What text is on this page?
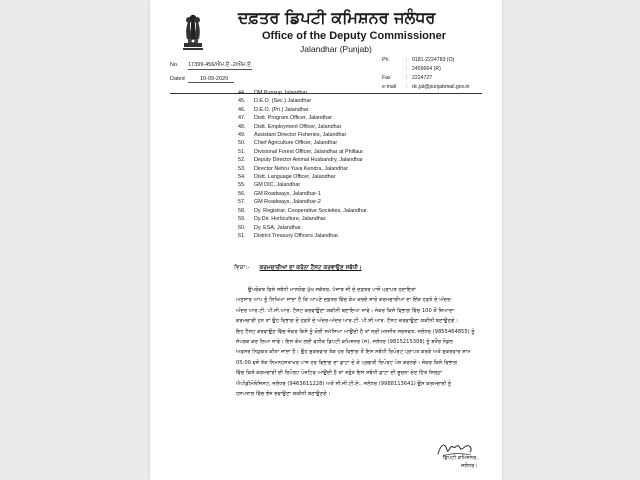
ਦਫ਼ਤਰ ਡਿਪਟੀ ਕਮਿਸ਼ਨਰ ਜਲੰਧਰ
Office of the Deputy Commissioner
Jalandhar (Punjab)
No. 17399-456/ਐਮ.ਏ.-2/ਐਮ.ਏ.
Dated	10-09-2020
Ph.	: 0181-2224783 (O)
: 2459664 (R)
Fax	: 2224727
e-mail	: dc.jal@punjabmail.gov.in
44.	DM Punsup Jalandhar
45.	D.E.O. (Sec.) Jalandhar
46.	D.E.O. (Pri.) Jalandhar
47.	Distt. Program Officer, Jalandhar
48.	Distt. Employment Officer, Jalandhar
49.	Assistant Director Fisheries, Jalandhar
50.	Chief Agriculture Officer, Jalandhar
51.	Divisional Forest Officer, Jalandhar at Phillaur.
52.	Deputy Director Animal Husbandry, Jalandhar
53.	Director Nehru Yuva Kendra, Jalandhar
54.	Distt. Language Officer, Jalandhar
55.	GM DIC, Jalandhar
56.	GM Roadways, Jalandhar-1
57.	GM Roadways, Jalandhar-2
58.	Dy. Registrar, Cooperative Societies, Jalandhar.
59.	Dy.Dir. Horticulture, Jalandhar.
60.	Dy. ESA, Jalandhar.
61.	District Treasury Officers Jalandhar.
ਵਿਸ਼ਾ:- ਕਰਮਚਾਰੀਆਂ ਦਾ ਕਰੋਨਾ ਟੈਸਟ ਕਰਵਾਉਣ ਸਬੰਧੀ।
ਉਪਰੋਕਤ ਵਿਸ਼ੇ ਸਬੰਧੀ ਮਾਨਯੋਗ ਮੁੱਖ ਸਕੱਤਰ, ਪੰਜਾਬ ਜੀ ਦੇ ਦਫ਼ਤਰ ਪਾਸੋਂ ਪ੍ਰਾਪਤ ਹਦਾਇਤਾਂ
ਅਨੁਸਾਰ ਆਪ ਨੂੰ ਲਿਖਿਆ ਜਾਂਦਾ ਹੈ ਕਿ ਆਪਣੇ ਦਫ਼ਤਰ ਵਿੱਚ ਕੰਮ ਕਰਦੇ ਸਾਰੇ ਕਰਮਚਾਰੀਆਂ ਦਾ ਇੱਕ ਹਫ਼ਤੇ ਦੇ ਅੰਦਰ-
ਅੰਦਰ ਆਰ.ਟੀ. ਪੀ.ਸੀ.ਆਰ. ਟੈਸਟ ਕਰਵਾਉਣਾ ਯਕੀਨੀ ਬਣਾਇਆ ਜਾਵੇ। ਜੇਕਰ ਕਿਸੇ ਵਿਭਾਗ ਵਿੱਚ 100 ਤੋਂ ਜ਼ਿਆਦਾ
ਕਰਮਚਾਰੀ ਹਨ ਤਾਂ ਉਹ ਵਿਭਾਗ ਦੋ ਹਫ਼ਤੇ ਦੇ ਅੰਦਰ-ਅੰਦਰ ਆਰ.ਟੀ. ਪੀ.ਸੀ.ਆਰ. ਟੈਸਟ ਕਰਵਾਉਣਾ ਯਕੀਨੀ ਬਣਾਉਣਗੇ।
ਇਹ ਟੈਸਟ ਕਰਵਾਉਣ ਵਿੱਚ ਜੇਕਰ ਕਿਸੇ ਨੂੰ ਕੋਈ ਸਮੱਸਿਆ ਆਉਂਦੀ ਹੈ ਤਾਂ ਸ੍ਰੀ ਮਨਜੀਤ ਸਰਸਵਤ, ਜਲੰਧਰ (9855464855) ਨੂੰ
ਸੰਪਰਕ ਕਰ ਲਿਆ ਜਾਵੇ। ਇਸ ਕੰਮ ਲਈ ਵਧੀਕ ਡਿਪਟੀ ਕਮਿਸ਼ਨਰ (ਜ), ਜਲੰਧਰ (9815215308) ਨੂੰ ਬਤੌਰ ਨੋਡਲ
ਅਫ਼ਸਰ ਨਿਯੁਕਤ ਕੀਤਾ ਜਾਂਦਾ ਹੈ। ਉਹ ਸ਼ੁਕਰਵਾਰ ਤੱਕ ਹਰ ਵਿਭਾਗ ਤੋਂ ਇਸ ਸਬੰਧੀ ਰਿਪੋਰਟ ਪ੍ਰਾਪਤ ਕਰਕੇ ਅਤੇ ਸ਼ੁਕਰਵਾਰ ਸ਼ਾਮ
05:00 ਵਜੇ ਤੱਕ ਨਿਮਨਹਸਤਾਖਰ ਪਾਸ ਹਰ ਵਿਭਾਗ ਦਾ ਡਾਟਾ ਦੇ ਕੇ ਪ੍ਰਗਤੀ ਰਿਪੋਰਟ ਪੇਸ਼ ਕਰਨਗੇ। ਜੇਕਰ ਕਿਸੇ ਵਿਭਾਗ
ਵਿੱਚ ਕਿਸੇ ਕਰਮਚਾਰੀ ਦੀ ਰਿਪੋਰਟ ਪੋਜ਼ਟਿਵ ਆਉਂਦੀ ਹੈ ਤਾਂ ਤਰੁੰਤ ਇਸ ਸਬੰਧੀ ਡਾਟਾ ਦੀ ਸੂਚਨਾ ਦੇਣ ਹਿੱਤ ਜਿਲ੍ਹਾ
ਐਪੀਡੀਮੋਲੋਜਿਸਟ, ਜਲੰਧਰ (9463611228) ਅਤੇ ਸੀ.ਜੀ.ਟੀ.ਏ., ਜਲੰਧਰ (9988113641) ਉਸ ਕਰਮਚਾਰੀ ਨੂੰ
ਹਸਪਤਾਲ ਵਿੱਚ ਭੇਜ ਦਵਾਉਣਾ ਯਕੀਨੀ ਬਣਾਉਣਗੇ।
ਡਿਪਟੀ ਕਮਿਸ਼ਨਰ,
ਜਲੰਧਰ।
